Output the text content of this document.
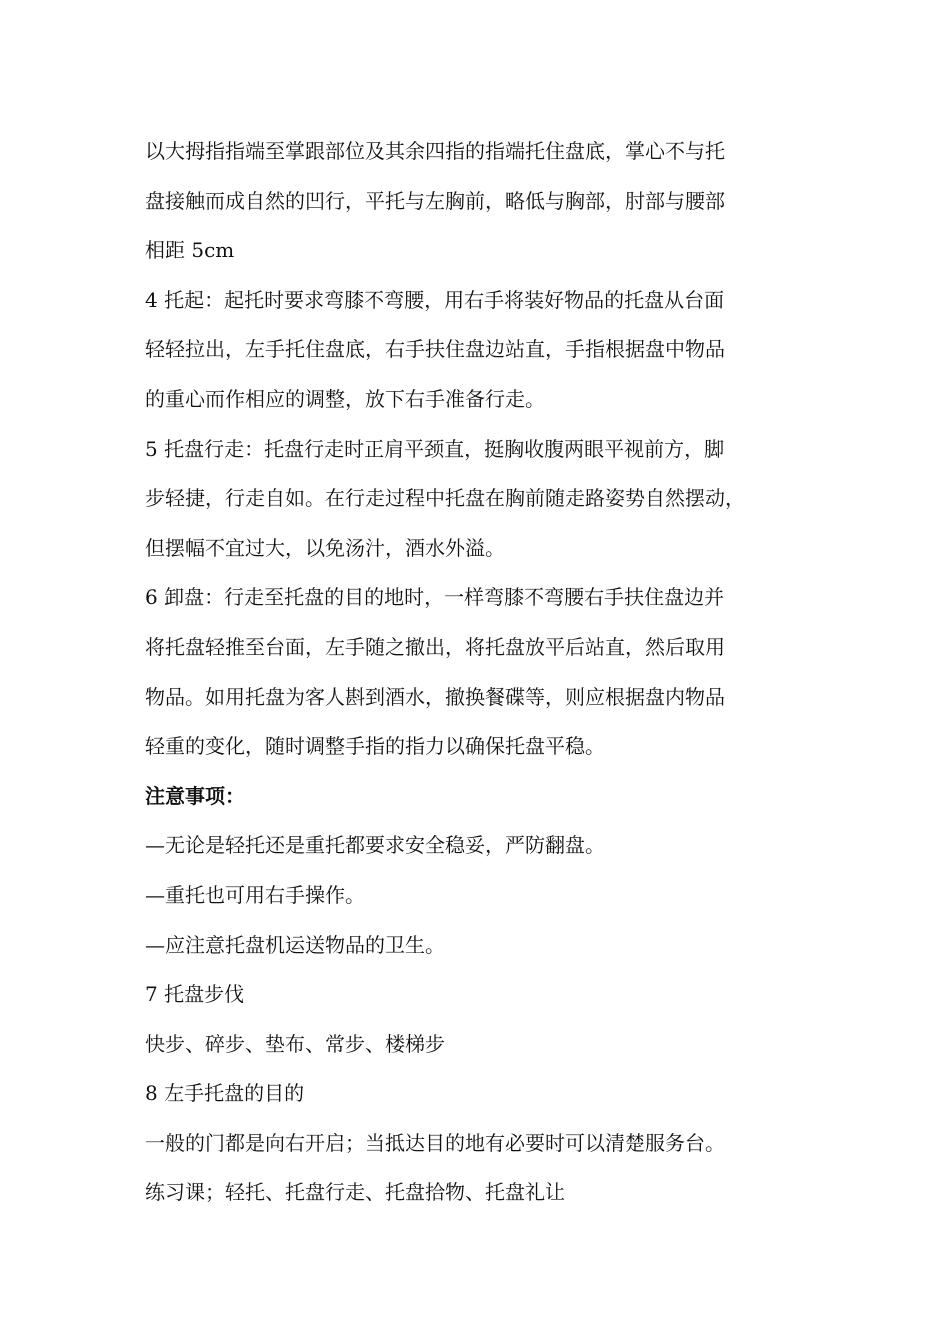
以大拇指指端至掌跟部位及其余四指的指端托住盘底，掌心不与托
盘接触而成自然的凹行，平托与左胸前，略低与胸部，肘部与腰部
相距 5cm
4 托起：起托时要求弯膝不弯腰，用右手将装好物品的托盘从台面
轻轻拉出，左手托住盘底，右手扶住盘边站直，手指根据盘中物品
的重心而作相应的调整，放下右手准备行走。
5 托盘行走：托盘行走时正肩平颈直，挺胸收腹两眼平视前方，脚
步轻捷，行走自如。在行走过程中托盘在胸前随走路姿势自然摆动，
但摆幅不宜过大，以免汤汁，酒水外溢。
6 卸盘：行走至托盘的目的地时，一样弯膝不弯腰右手扶住盘边并
将托盘轻推至台面，左手随之撤出，将托盘放平后站直，然后取用
物品。如用托盘为客人斟到酒水，撤换餐碟等，则应根据盘内物品
轻重的变化，随时调整手指的指力以确保托盘平稳。
注意事项：
—无论是轻托还是重托都要求安全稳妥，严防翻盘。
—重托也可用右手操作。
—应注意托盘机运送物品的卫生。
7 托盘步伐
快步、碎步、垫布、常步、楼梯步
8 左手托盘的目的
一般的门都是向右开启；当抵达目的地有必要时可以清楚服务台。
练习课；轻托、托盘行走、托盘拾物、托盘礼让
